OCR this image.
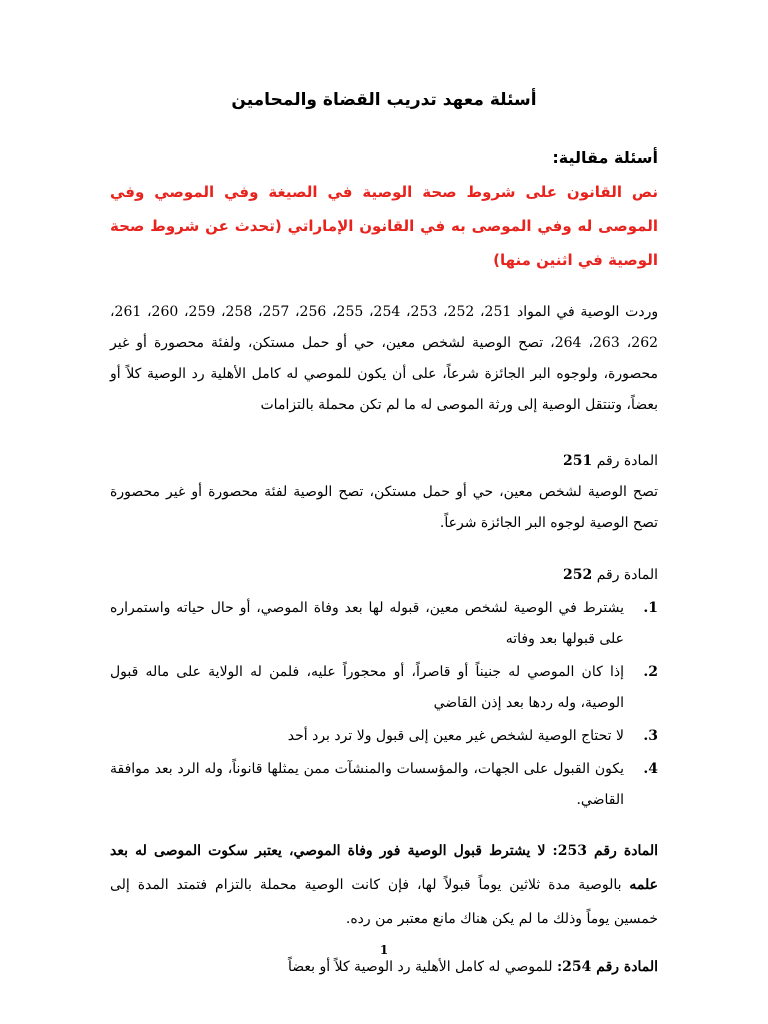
أسئلة معهد تدريب القضاة والمحامين
أسئلة مقالية:

نص القانون على شروط صحة الوصية في الصيغة وفي الموصي وفي الموصى له وفي الموصى به في القانون الإماراتي (تحدث عن شروط صحة الوصية في اثنين منها)

وردت الوصية في المواد 251، 252، 253، 254، 255، 256، 257، 258، 259، 260، 261، 262، 263، 264، تصح الوصية لشخص معين، حي أو حمل مستكن، ولفئة محصورة أو غير محصورة، ولوجوه البر الجائزة شرعاً، على أن يكون للموصي له كامل الأهلية رد الوصية كلاً أو بعضاً، وتنتقل الوصية إلى ورثة الموصى له ما لم تكن محملة بالتزامات

المادة رقم 251

تصح الوصية لشخص معين، حي أو حمل مستكن، تصح الوصية لفئة محصورة أو غير محصورة تصح الوصية لوجوه البر الجائزة شرعاً.

المادة رقم 252
1.
يشترط في الوصية لشخص معين، قبوله لها بعد وفاة الموصي، أو حال حياته واستمراره على قبولها بعد وفاته
2.
إذا كان الموصي له جنيناً أو قاصراً، أو محجوراً عليه، فلمن له الولاية على ماله قبول الوصية، وله ردها بعد إذن القاضي
3.
لا تحتاج الوصية لشخص غير معين إلى قبول ولا ترد برد أحد
4.
يكون القبول على الجهات، والمؤسسات والمنشآت ممن يمثلها قانوناً، وله الرد بعد موافقة القاضي.

المادة رقم 253: لا يشترط قبول الوصية فور وفاة الموصي، يعتبر سكوت الموصى له بعد علمه بالوصية مدة ثلاثين يوماً قبولاً لها، فإن كانت الوصية محملة بالتزام فتمتد المدة إلى خمسين يوماً وذلك ما لم يكن هناك مانع معتبر من رده.

المادة رقم 254: للموصي له كامل الأهلية رد الوصية كلاً أو بعضاً

1
